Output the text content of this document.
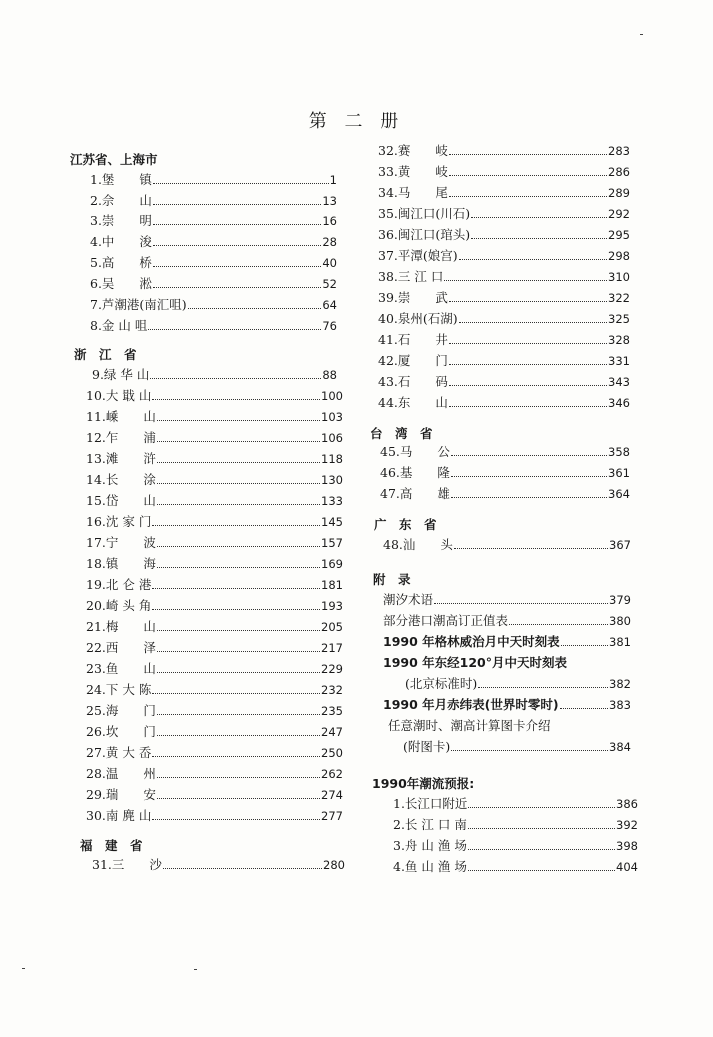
第 二 册
江苏省、上海市
1.堡　　镇	1
2.佘　　山	13
3.崇　　明	16
4.中　　浚	28
5.高　　桥	40
6.吴　　淞	52
7.芦潮港(南汇咀)	64
8.金 山 咀	76
浙　江　省
9.绿 华 山	88
10.大 戢 山	100
11.嵊　　山	103
12.乍　　浦	106
13.滩　　浒	118
14.长　　涂	130
15.岱　　山	133
16.沈 家 门	145
17.宁　　波	157
18.镇　　海	169
19.北 仑 港	181
20.崎 头 角	193
21.梅　　山	205
22.西　　泽	217
23.鱼　　山	229
24.下 大 陈	232
25.海　　门	235
26.坎　　门	247
27.黄 大 岙	250
28.温　　州	262
29.瑞　　安	274
30.南 麂 山	277
福　建　省
31.三　　沙	280
32.赛　　岐	283
33.黄　　岐	286
34.马　　尾	289
35.闽江口(川石)	292
36.闽江口(琯头)	295
37.平潭(娘宫)	298
38.三 江 口	310
39.崇　　武	322
40.泉州(石湖)	325
41.石　　井	328
42.厦　　门	331
43.石　　码	343
44.东　　山	346
台　湾　省
45.马　　公	358
46.基　　隆	361
47.高　　雄	364
广　东　省
48.汕　　头	367
附　录
潮汐术语	379
部分港口潮高订正值表	380
1990 年格林威治月中天时刻表	381
1990 年东经120°月中天时刻表
(北京标准时)	382
1990 年月赤纬表(世界时零时)	383
任意潮时、潮高计算图卡介绍
(附图卡)	384
1990年潮流预报:
1.长江口附近	386
2.长 江 口 南	392
3.舟 山 渔 场	398
4.鱼 山 渔 场	404
